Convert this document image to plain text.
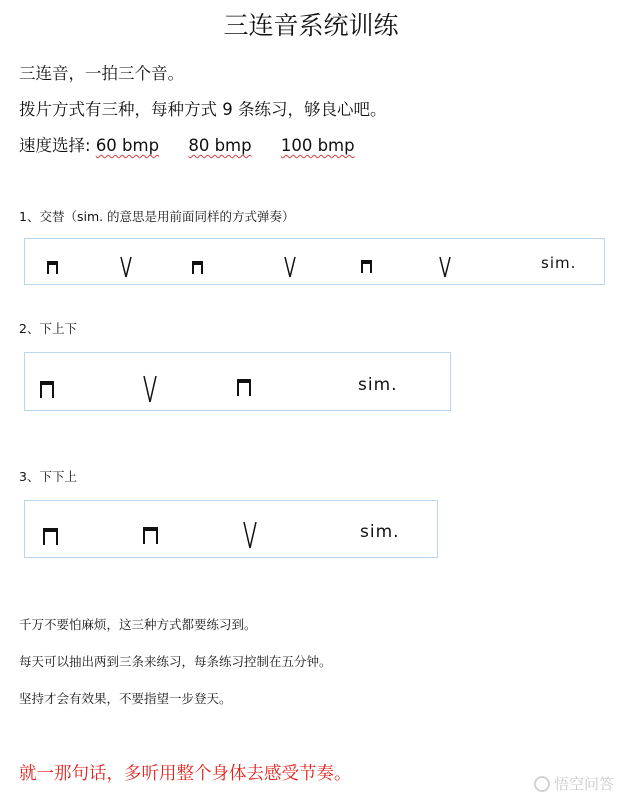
三连音系统训练
三连音，一拍三个音。
拨片方式有三种，每种方式 9 条练习，够良心吧。
速度选择: 60 bmp 80 bmp 100 bmp
1、交替（sim. 的意思是用前面同样的方式弹奏）
sim.
2、下上下
sim.
3、下下上
sim.
千万不要怕麻烦，这三种方式都要练习到。
每天可以抽出两到三条来练习，每条练习控制在五分钟。
坚持才会有效果，不要指望一步登天。
就一那句话，多听用整个身体去感受节奏。	悟空问答
